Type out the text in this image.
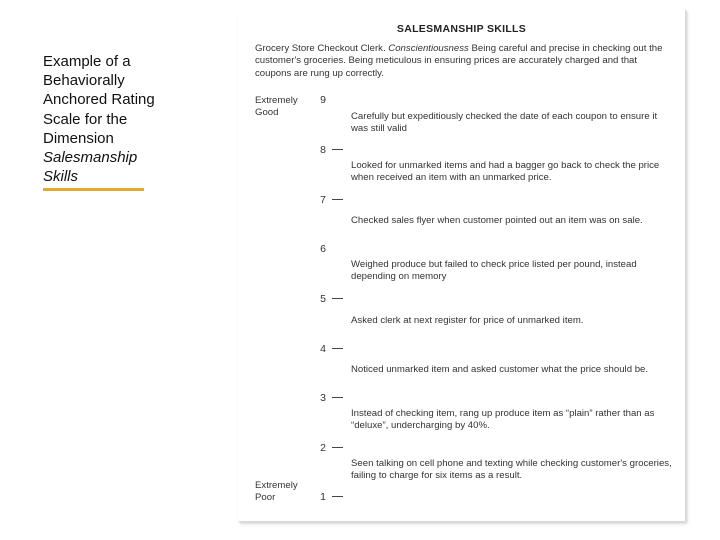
Example of a
Behaviorally
Anchored Rating
Scale for the
Dimension
Salesmanship
Skills

SALESMANSHIP SKILLS
Grocery Store Checkout Clerk. Conscientiousness Being careful and precise in checking out the customer's groceries. Being meticulous in ensuring prices are accurately charged and that coupons are rung up correctly.
Extremely
Good
Extremely
Poor
9
8
7
6
5
4
3
2
1
Carefully but expeditiously checked the date of each coupon to ensure it was still valid
Looked for unmarked items and had a bagger go back to check the price when received an item with an unmarked price.
Checked sales flyer when customer pointed out an item was on sale.
Weighed produce but failed to check price listed per pound, instead depending on memory
Asked clerk at next register for price of unmarked item.
Noticed unmarked item and asked customer what the price should be.
Instead of checking item, rang up produce item as “plain” rather than as “deluxe”, undercharging by 40%.
Seen talking on cell phone and texting while checking customer's groceries, failing to charge for six items as a result.
